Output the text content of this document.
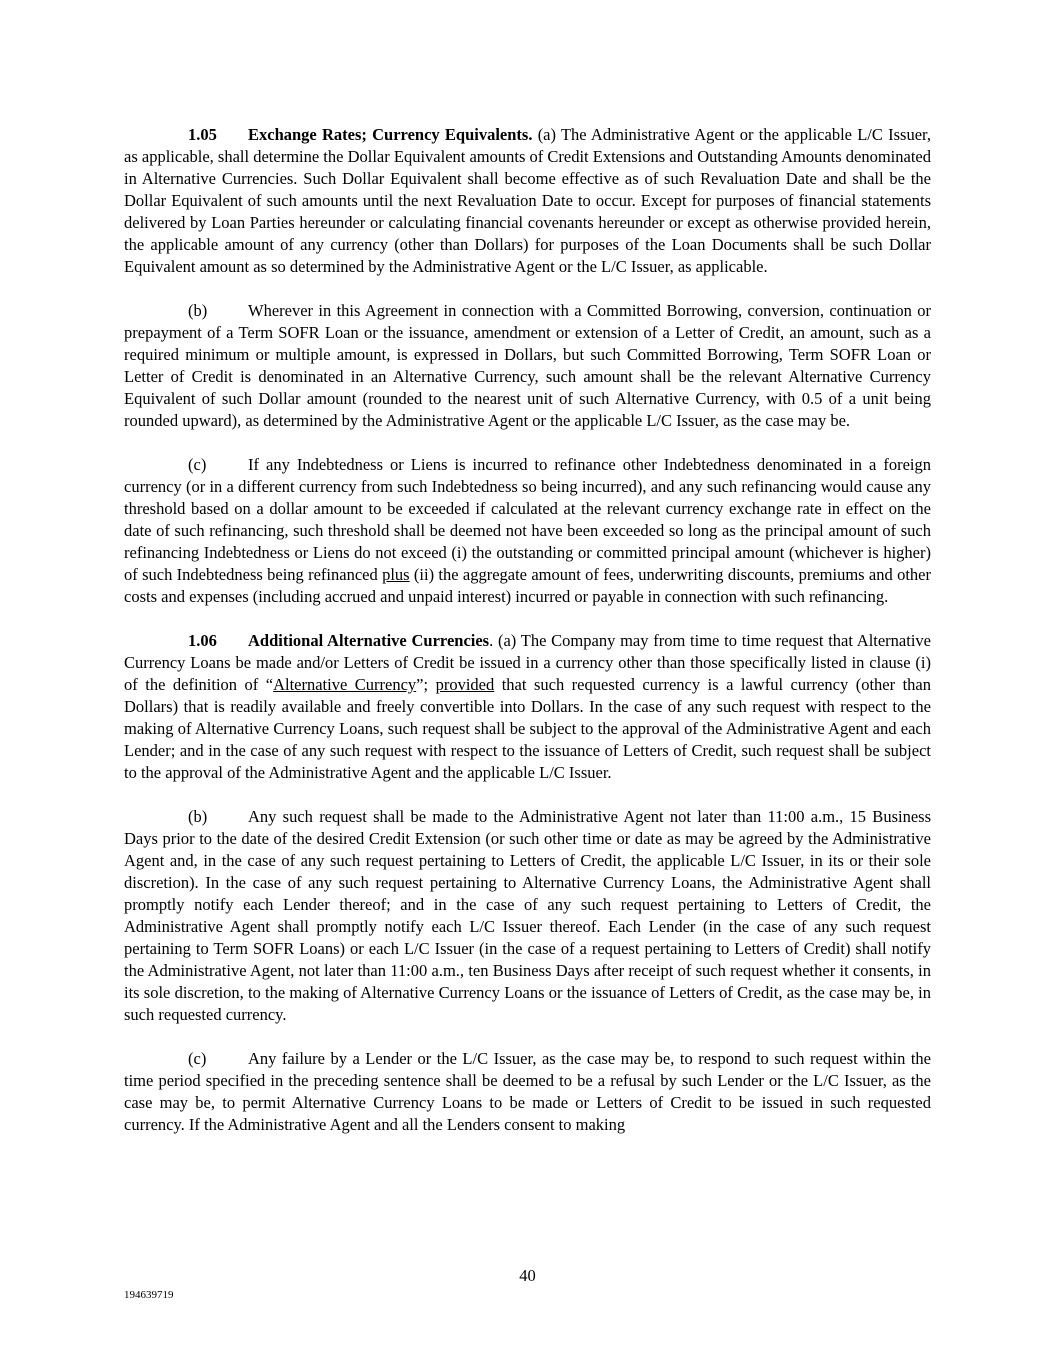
1.05 Exchange Rates; Currency Equivalents. (a) The Administrative Agent or the applicable L/C Issuer, as applicable, shall determine the Dollar Equivalent amounts of Credit Extensions and Outstanding Amounts denominated in Alternative Currencies. Such Dollar Equivalent shall become effective as of such Revaluation Date and shall be the Dollar Equivalent of such amounts until the next Revaluation Date to occur. Except for purposes of financial statements delivered by Loan Parties hereunder or calculating financial covenants hereunder or except as otherwise provided herein, the applicable amount of any currency (other than Dollars) for purposes of the Loan Documents shall be such Dollar Equivalent amount as so determined by the Administrative Agent or the L/C Issuer, as applicable.

(b) Wherever in this Agreement in connection with a Committed Borrowing, conversion, continuation or prepayment of a Term SOFR Loan or the issuance, amendment or extension of a Letter of Credit, an amount, such as a required minimum or multiple amount, is expressed in Dollars, but such Committed Borrowing, Term SOFR Loan or Letter of Credit is denominated in an Alternative Currency, such amount shall be the relevant Alternative Currency Equivalent of such Dollar amount (rounded to the nearest unit of such Alternative Currency, with 0.5 of a unit being rounded upward), as determined by the Administrative Agent or the applicable L/C Issuer, as the case may be.

(c)	If any Indebtedness or Liens is incurred to refinance other Indebtedness denominated in a foreign currency (or in a different currency from such Indebtedness so being incurred), and any such refinancing would cause any threshold based on a dollar amount to be exceeded if calculated at the relevant currency exchange rate in effect on the date of such refinancing, such threshold shall be deemed not have been exceeded so long as the principal amount of such refinancing Indebtedness or Liens do not exceed (i) the outstanding or committed principal amount (whichever is higher) of such Indebtedness being refinanced plus (ii) the aggregate amount of fees, underwriting discounts, premiums and other costs and expenses (including accrued and unpaid interest) incurred or payable in connection with such refinancing.

1.06 Additional Alternative Currencies. (a) The Company may from time to time request that Alternative Currency Loans be made and/or Letters of Credit be issued in a currency other than those specifically listed in clause (i) of the definition of “Alternative Currency”; provided that such requested currency is a lawful currency (other than Dollars) that is readily available and freely convertible into Dollars. In the case of any such request with respect to the making of Alternative Currency Loans, such request shall be subject to the approval of the Administrative Agent and each Lender; and in the case of any such request with respect to the issuance of Letters of Credit, such request shall be subject to the approval of the Administrative Agent and the applicable L/C Issuer.

(b) Any such request shall be made to the Administrative Agent not later than 11:00 a.m., 15 Business Days prior to the date of the desired Credit Extension (or such other time or date as may be agreed by the Administrative Agent and, in the case of any such request pertaining to Letters of Credit, the applicable L/C Issuer, in its or their sole discretion). In the case of any such request pertaining to Alternative Currency Loans, the Administrative Agent shall promptly notify each Lender thereof; and in the case of any such request pertaining to Letters of Credit, the Administrative Agent shall promptly notify each L/C Issuer thereof. Each Lender (in the case of any such request pertaining to Term SOFR Loans) or each L/C Issuer (in the case of a request pertaining to Letters of Credit) shall notify the Administrative Agent, not later than 11:00 a.m., ten Business Days after receipt of such request whether it consents, in its sole discretion, to the making of Alternative Currency Loans or the issuance of Letters of Credit, as the case may be, in such requested currency.

(c)	Any failure by a Lender or the L/C Issuer, as the case may be, to respond to such request within the time period specified in the preceding sentence shall be deemed to be a refusal by such Lender or the L/C Issuer, as the case may be, to permit Alternative Currency Loans to be made or Letters of Credit to be issued in such requested currency. If the Administrative Agent and all the Lenders consent to making

40
194639719
